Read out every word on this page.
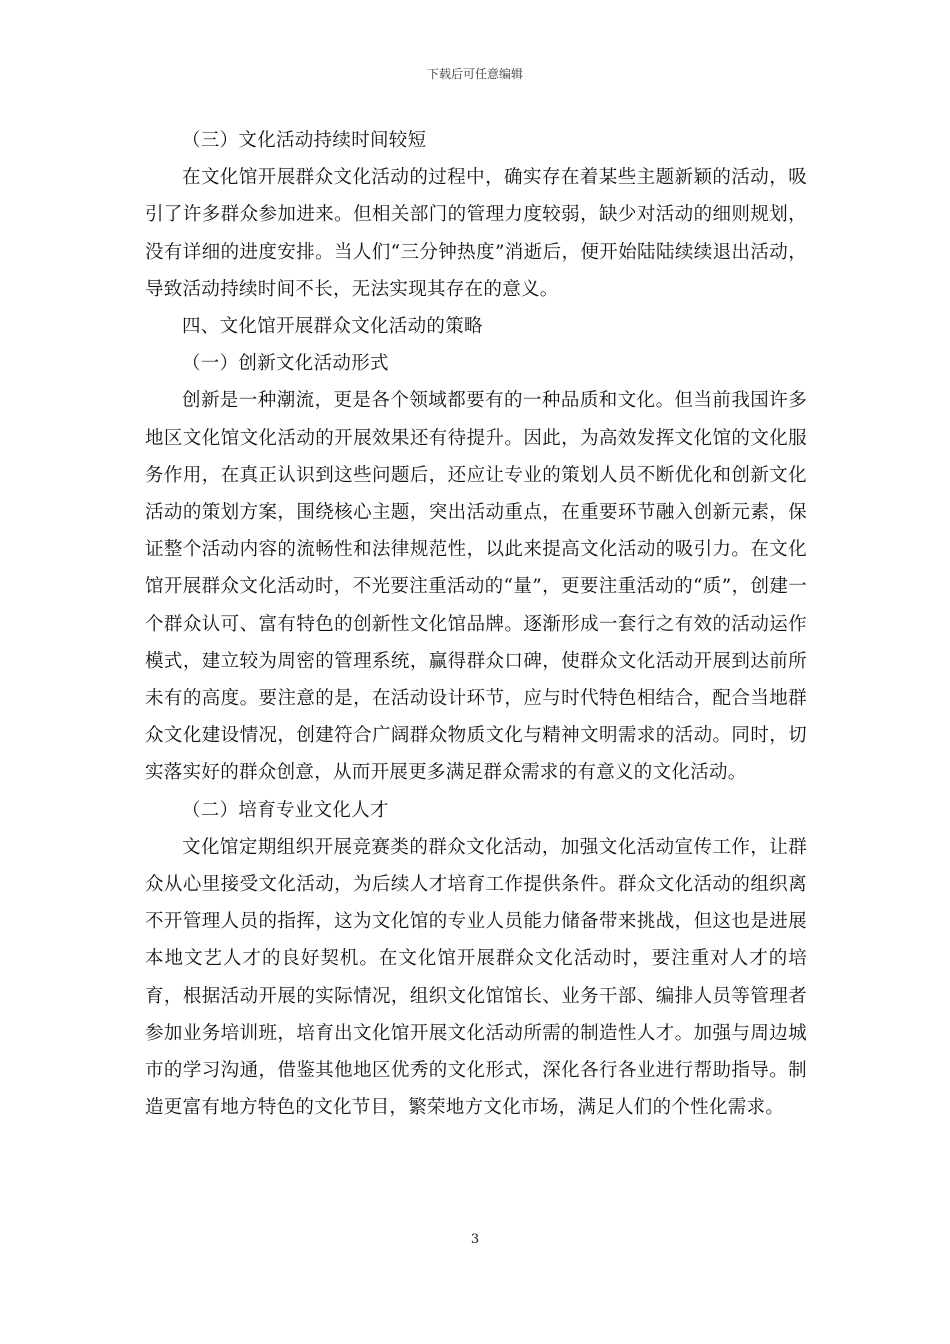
下载后可任意编辑

（三）文化活动持续时间较短

在文化馆开展群众文化活动的过程中，确实存在着某些主题新颖的活动，吸引了许多群众参加进来。但相关部门的管理力度较弱，缺少对活动的细则规划，没有详细的进度安排。当人们“三分钟热度”消逝后，便开始陆陆续续退出活动，导致活动持续时间不长，无法实现其存在的意义。

四、文化馆开展群众文化活动的策略

（一）创新文化活动形式

创新是一种潮流，更是各个领域都要有的一种品质和文化。但当前我国许多地区文化馆文化活动的开展效果还有待提升。因此，为高效发挥文化馆的文化服务作用，在真正认识到这些问题后，还应让专业的策划人员不断优化和创新文化活动的策划方案，围绕核心主题，突出活动重点，在重要环节融入创新元素，保证整个活动内容的流畅性和法律规范性，以此来提高文化活动的吸引力。在文化馆开展群众文化活动时，不光要注重活动的“量”，更要注重活动的“质”，创建一个群众认可、富有特色的创新性文化馆品牌。逐渐形成一套行之有效的活动运作模式，建立较为周密的管理系统，赢得群众口碑，使群众文化活动开展到达前所未有的高度。要注意的是，在活动设计环节，应与时代特色相结合，配合当地群众文化建设情况，创建符合广阔群众物质文化与精神文明需求的活动。同时，切实落实好的群众创意，从而开展更多满足群众需求的有意义的文化活动。

（二）培育专业文化人才

文化馆定期组织开展竞赛类的群众文化活动，加强文化活动宣传工作，让群众从心里接受文化活动，为后续人才培育工作提供条件。群众文化活动的组织离不开管理人员的指挥，这为文化馆的专业人员能力储备带来挑战，但这也是进展本地文艺人才的良好契机。在文化馆开展群众文化活动时，要注重对人才的培育，根据活动开展的实际情况，组织文化馆馆长、业务干部、编排人员等管理者参加业务培训班，培育出文化馆开展文化活动所需的制造性人才。加强与周边城市的学习沟通，借鉴其他地区优秀的文化形式，深化各行各业进行帮助指导。制造更富有地方特色的文化节目，繁荣地方文化市场，满足人们的个性化需求。

3
